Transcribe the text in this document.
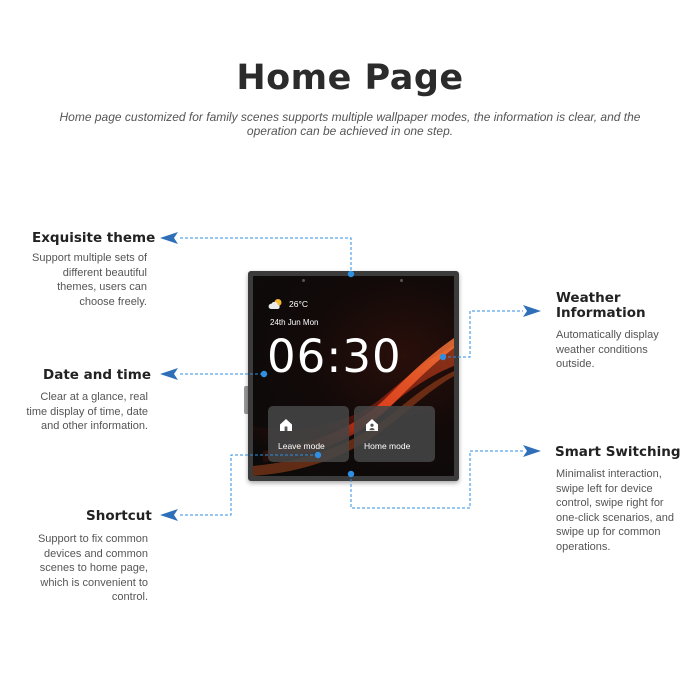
Home Page
Home page customized for family scenes supports multiple wallpaper modes, the information is clear, and the operation can be achieved in one step.
Exquisite theme
Support multiple sets of different beautiful themes, users can choose freely.
Date and time
Clear at a glance, real time display of time, date and other information.
Shortcut
Support to fix common devices and common scenes to home page, which is convenient to control.
Weather Information
Automatically display weather conditions outside.
Smart Switching
Minimalist interaction, swipe left for device control, swipe right for one-click scenarios, and swipe up for common operations.
26°C
24th Jun Mon
06:30
Leave mode	Home mode
